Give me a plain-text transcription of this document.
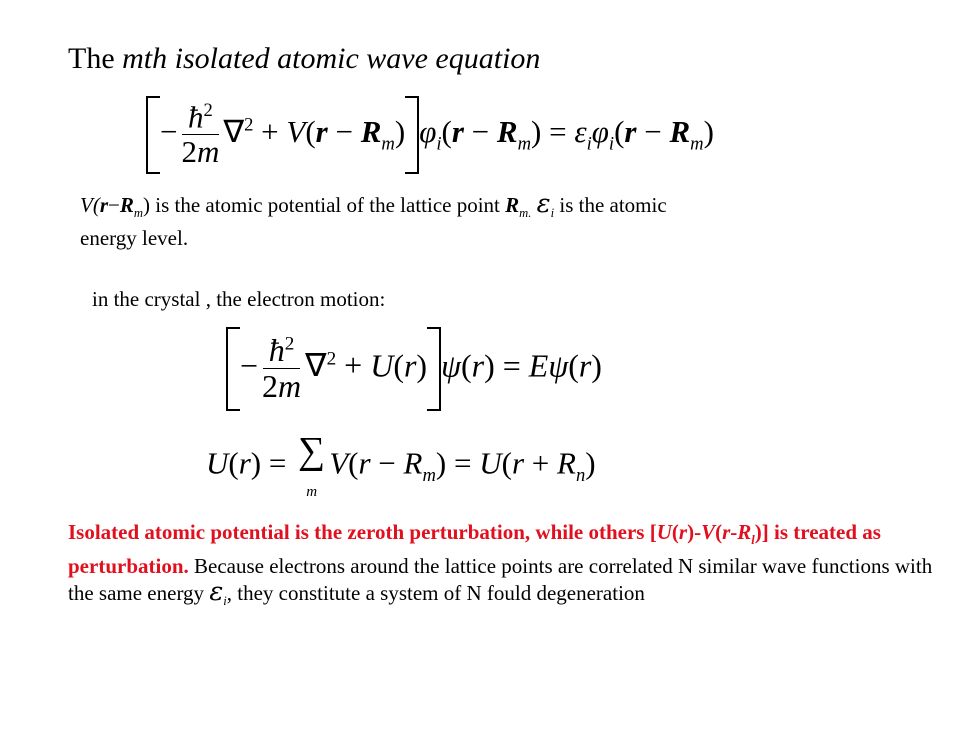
The mth isolated atomic wave equation
− $\frac{ħ^2}{2m} \nabla^2 + V(r - R_m) \varphi_i(r - R_m) = \varepsilon_i\varphi_i(r - R_m)$
$V(r-R_m)$ is the atomic potential of the lattice point $R_{m.}$ $\varepsilon_i$ is the atomic
energy level.
in the crystal , the electron motion:
− $\frac{ħ^2}{2m} \nabla^2 + U(r) \psi(r) = E\psi(r)$
U(r) = ∑
m
$V(r - R_m) = U(r + R_n)$
Isolated atomic potential is the zeroth perturbation, while others $[U(r)-V(r-R_l)]$ is treated as perturbation. Because electrons around the lattice points are correlated N similar wave functions with the same energy $\varepsilon_i$, they constitute a system of N fould degeneration
